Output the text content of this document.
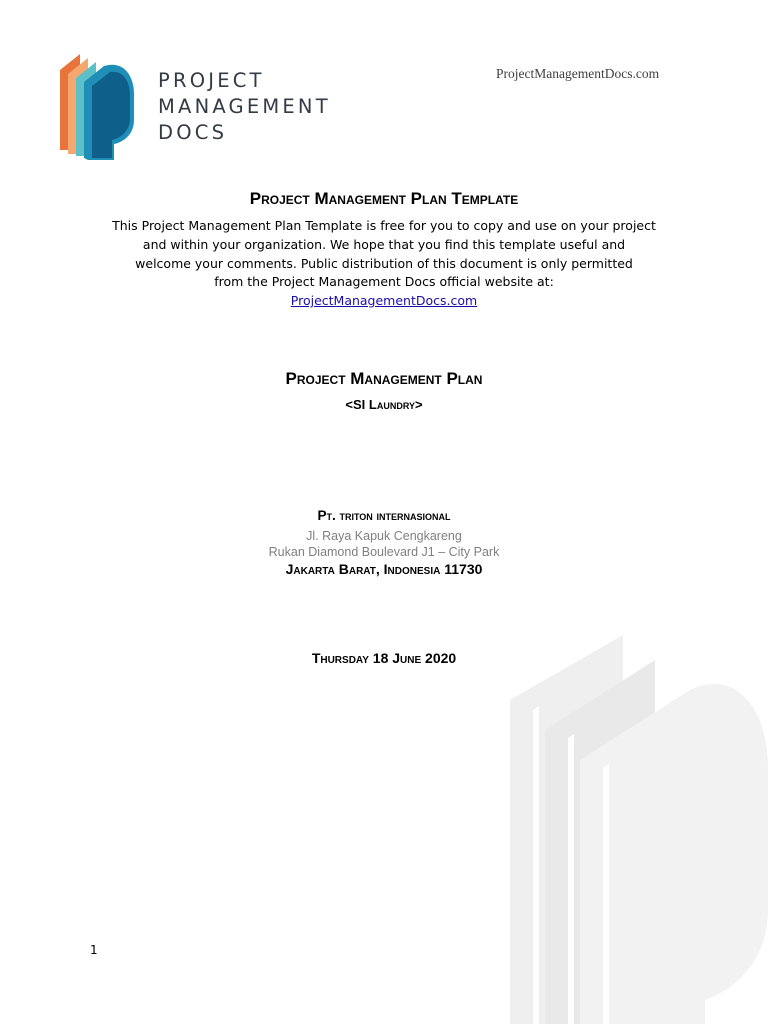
PROJECT
MANAGEMENT
DOCS
ProjectManagementDocs.com
Project Management Plan Template
This Project Management Plan Template is free for you to copy and use on your project
and within your organization. We hope that you find this template useful and
welcome your comments. Public distribution of this document is only permitted
from the Project Management Docs official website at:
ProjectManagementDocs.com
Project Management Plan
<SI Laundry>
Pt. triton internasional
Jl. Raya Kapuk Cengkareng
Rukan Diamond Boulevard J1 – City Park
Jakarta Barat, Indonesia 11730
Thursday 18 June 2020
1
